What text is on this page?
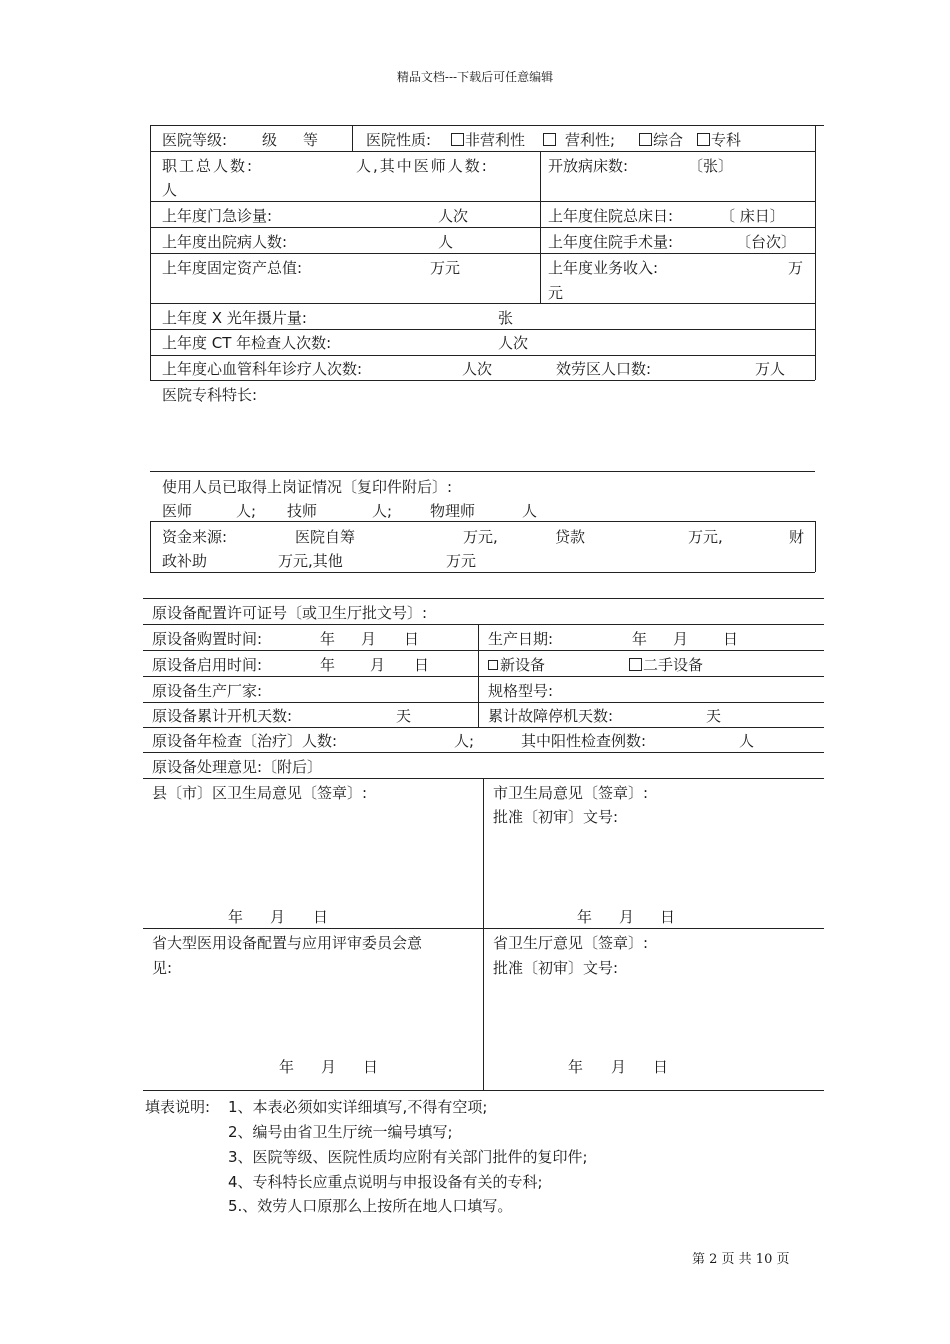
精品文档---下载后可任意编辑
医院等级: 级 等	医院性质:	非营利性	营利性;	综合	专科
职工总人数:	人,其中医师人数:
人
开放病床数:	〔张〕
上年度门急诊量:	人次	上年度住院总床日:	〔 床日〕
上年度出院病人数:	人	上年度住院手术量:	〔台次〕
上年度固定资产总值:	万元	上年度业务收入:	万
元
上年度 X 光年摄片量:	张
上年度 CT 年检查人次数:	人次
上年度心血管科年诊疗人次数:	人次	效劳区人口数:	万人
医院专科特长:
使用人员已取得上岗证情况〔复印件附后〕:
医师	人; 技师	人;	物理师	人
资金来源:	医院自筹	万元,	贷款	万元,	财
政补助	万元,其他	万元
原设备配置许可证号〔或卫生厅批文号〕:
原设备购置时间:	年 月 日	生产日期:	年 月 日
原设备启用时间:	年 月 日	新设备	二手设备
原设备生产厂家:	规格型号:
原设备累计开机天数:	天	累计故障停机天数:	天
原设备年检查〔治疗〕人数:	人;	其中阳性检查例数:	人
原设备处理意见:〔附后〕
县〔市〕区卫生局意见〔签章〕:
年 月 日
市卫生局意见〔签章〕:
批准〔初审〕文号:
年 月 日
省大型医用设备配置与应用评审委员会意
见:
年 月 日
省卫生厅意见〔签章〕:
批准〔初审〕文号:
年 月 日
填表说明: 1、本表必须如实详细填写,不得有空项;
2、编号由省卫生厅统一编号填写;
3、医院等级、医院性质均应附有关部门批件的复印件;
4、专科特长应重点说明与申报设备有关的专科;
5.、效劳人口原那么上按所在地人口填写。
第 2 页 共 10 页
